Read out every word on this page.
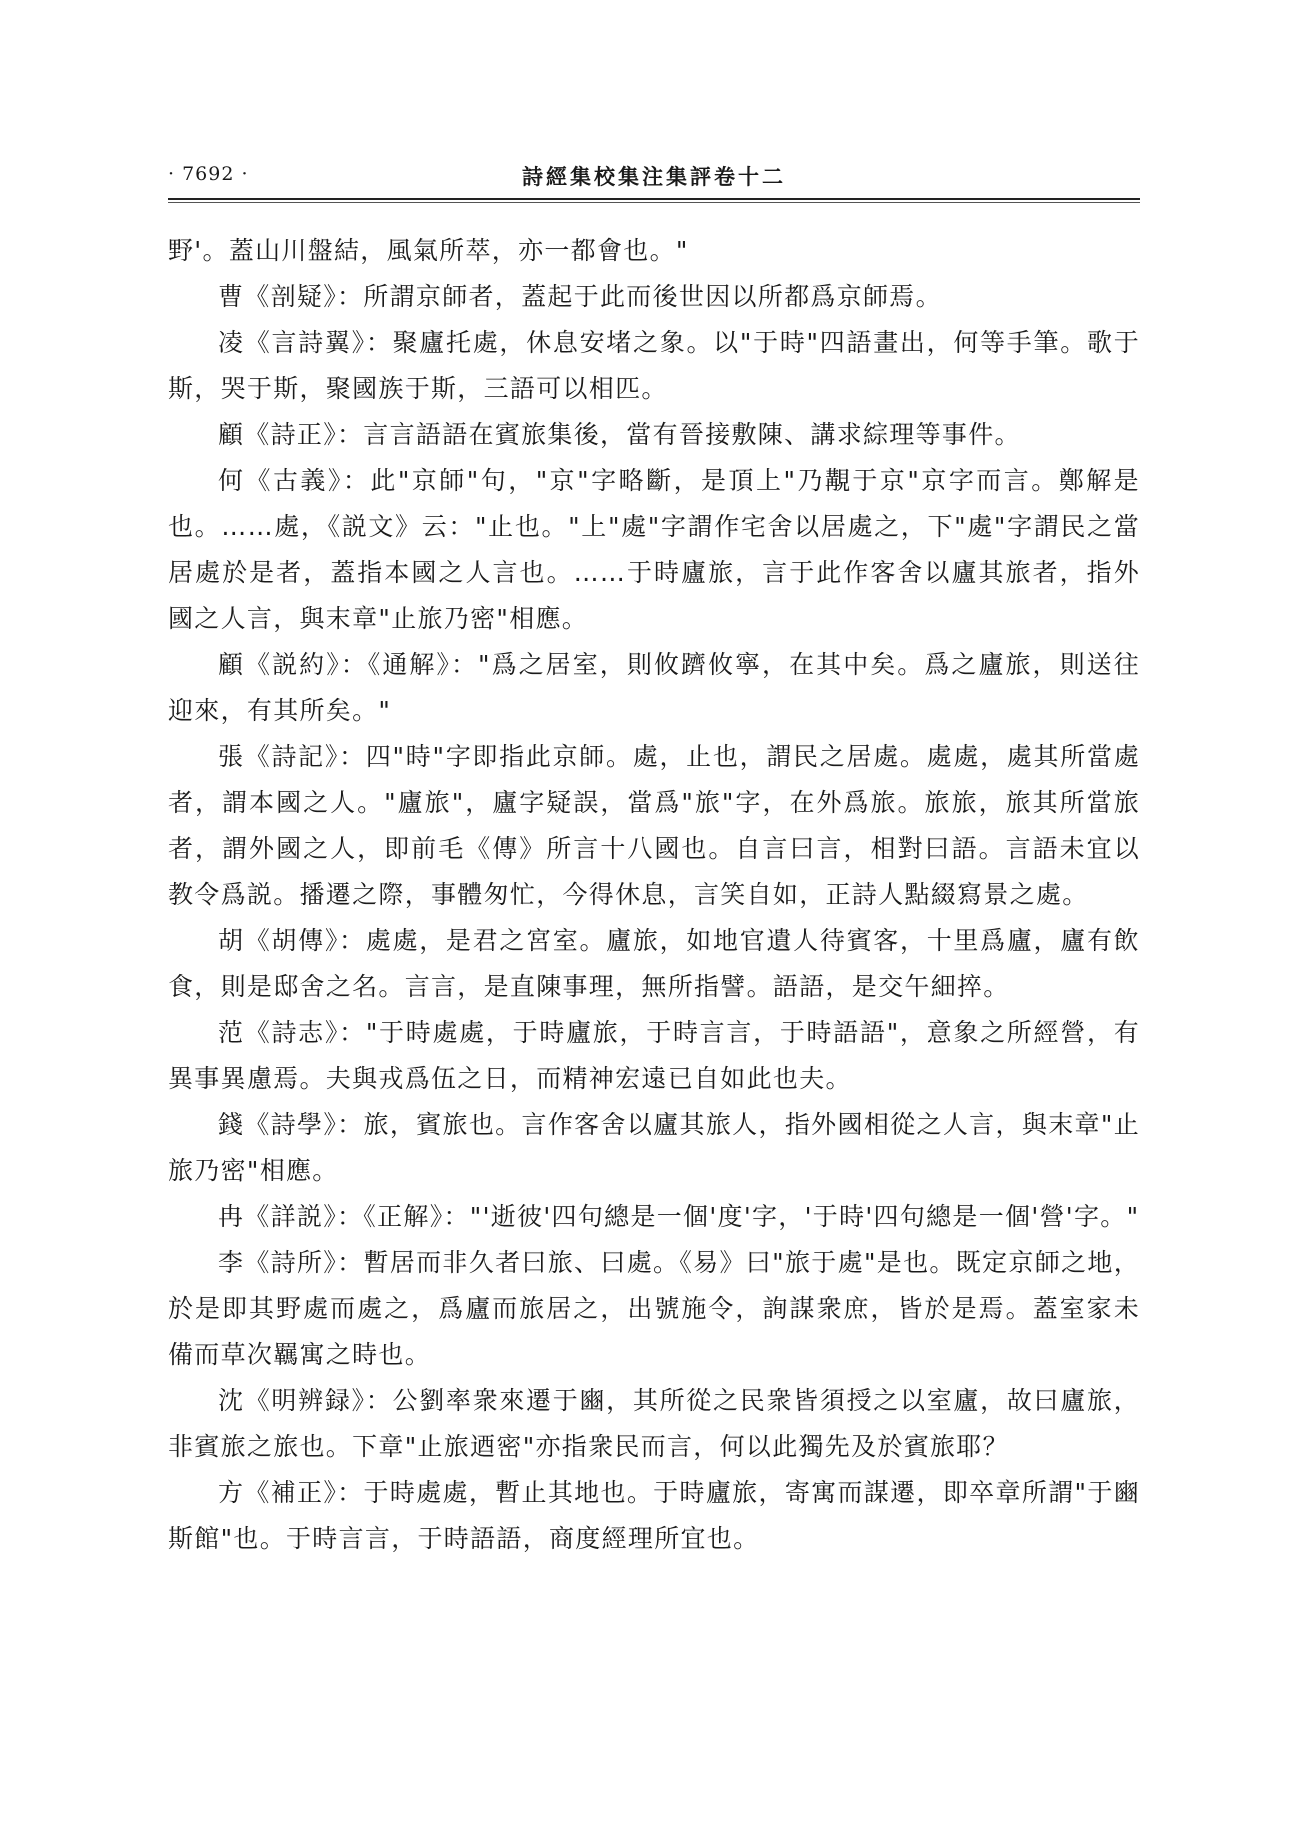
· 7692 ·	詩經集校集注集評卷十二

野'。蓋山川盤結，風氣所萃，亦一都會也。"

曹《剖疑》：所謂京師者，蓋起于此而後世因以所都爲京師焉。

凌《言詩翼》：聚廬托處，休息安堵之象。以"于時"四語畫出，何等手筆。歌于斯，哭于斯，聚國族于斯，三語可以相匹。

顧《詩正》：言言語語在賓旅集後，當有晉接敷陳、講求綜理等事件。

何《古義》：此"京師"句，"京"字略斷，是頂上"乃覯于京"京字而言。鄭解是也。……處，《説文》云："止也。"上"處"字謂作宅舍以居處之，下"處"字謂民之當居處於是者，蓋指本國之人言也。……于時廬旅，言于此作客舍以廬其旅者，指外國之人言，與末章"止旅乃密"相應。

顧《説約》：《通解》："爲之居室，則攸躋攸寧，在其中矣。爲之廬旅，則送往迎來，有其所矣。"

張《詩記》：四"時"字即指此京師。處，止也，謂民之居處。處處，處其所當處者，謂本國之人。"廬旅"，廬字疑誤，當爲"旅"字，在外爲旅。旅旅，旅其所當旅者，謂外國之人，即前毛《傳》所言十八國也。自言曰言，相對曰語。言語未宜以教令爲説。播遷之際，事體匆忙，今得休息，言笑自如，正詩人點綴寫景之處。

胡《胡傳》：處處，是君之宮室。廬旅，如地官遺人待賓客，十里爲廬，廬有飲食，則是邸舍之名。言言，是直陳事理，無所指譬。語語，是交午細捽。

范《詩志》："于時處處，于時廬旅，于時言言，于時語語"，意象之所經營，有異事異慮焉。夫與戎爲伍之日，而精神宏遠已自如此也夫。

錢《詩學》：旅，賓旅也。言作客舍以廬其旅人，指外國相從之人言，與末章"止旅乃密"相應。

冉《詳説》：《正解》："'逝彼'四句總是一個'度'字，'于時'四句總是一個'營'字。"

李《詩所》：暫居而非久者曰旅、曰處。《易》曰"旅于處"是也。既定京師之地，於是即其野處而處之，爲廬而旅居之，出號施令，詢謀衆庶，皆於是焉。蓋室家未備而草次羈寓之時也。

沈《明辨録》：公劉率衆來遷于豳，其所從之民衆皆須授之以室廬，故曰廬旅，非賓旅之旅也。下章"止旅迺密"亦指衆民而言，何以此獨先及於賓旅耶？

方《補正》：于時處處，暫止其地也。于時廬旅，寄寓而謀遷，即卒章所謂"于豳斯館"也。于時言言，于時語語，商度經理所宜也。
